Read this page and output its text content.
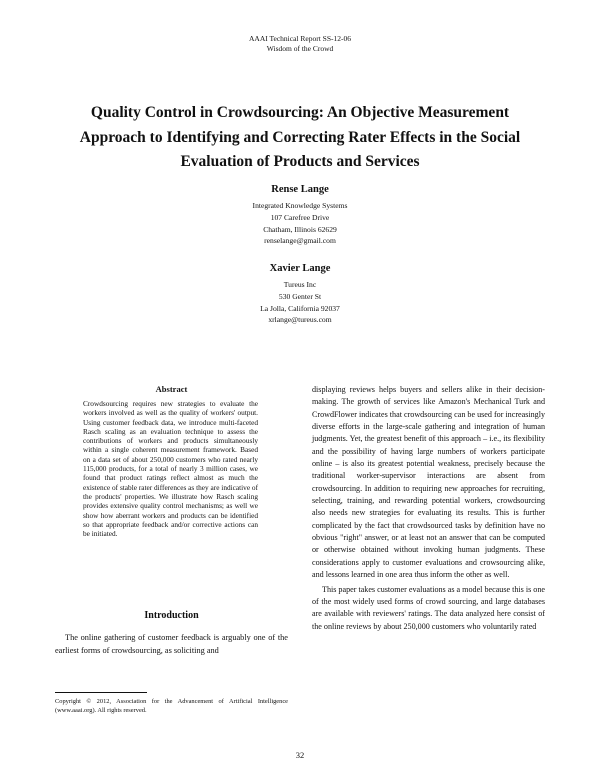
AAAI Technical Report SS-12-06
Wisdom of the Crowd
Quality Control in Crowdsourcing: An Objective Measurement Approach to Identifying and Correcting Rater Effects in the Social Evaluation of Products and Services
Rense Lange
Integrated Knowledge Systems
107 Carefree Drive
Chatham, Illinois 62629
renselange@gmail.com
Xavier Lange
Tureus Inc
530 Genter St
La Jolla, California 92037
xrlange@tureus.com
Abstract
Crowdsourcing requires new strategies to evaluate the workers involved as well as the quality of workers' output. Using customer feedback data, we introduce multi-faceted Rasch scaling as an evaluation technique to assess the contributions of workers and products simultaneously within a single coherent measurement framework. Based on a data set of about 250,000 customers who rated nearly 115,000 products, for a total of nearly 3 million cases, we found that product ratings reflect almost as much the existence of stable rater differences as they are indicative of the products' properties. We illustrate how Rasch scaling provides extensive quality control mechanisms; as well we show how aberrant workers and products can be identified so that appropriate feedback and/or corrective actions can be initiated.
Introduction
The online gathering of customer feedback is arguably one of the earliest forms of crowdsourcing, as soliciting and
Copyright © 2012, Association for the Advancement of Artificial Intelligence (www.aaai.org). All rights reserved.

displaying reviews helps buyers and sellers alike in their decision-making. The growth of services like Amazon's Mechanical Turk and CrowdFlower indicates that crowdsourcing can be used for increasingly diverse efforts in the large-scale gathering and integration of human judgments. Yet, the greatest benefit of this approach – i.e., its flexibility and the possibility of having large numbers of workers participate online – is also its greatest potential weakness, precisely because the traditional worker-supervisor interactions are absent from crowdsourcing. In addition to requiring new approaches for recruiting, selecting, training, and rewarding potential workers, crowdsourcing also needs new strategies for evaluating its results. This is further complicated by the fact that crowdsourced tasks by definition have no obvious "right" answer, or at least not an answer that can be computed or otherwise obtained without invoking human judgments. These considerations apply to customer evaluations and crowsourcing alike, and lessons learned in one area thus inform the other as well.

This paper takes customer evaluations as a model because this is one of the most widely used forms of crowd sourcing, and large databases are available with reviewers' ratings. The data analyzed here consist of the online reviews by about 250,000 customers who voluntarily rated

32
